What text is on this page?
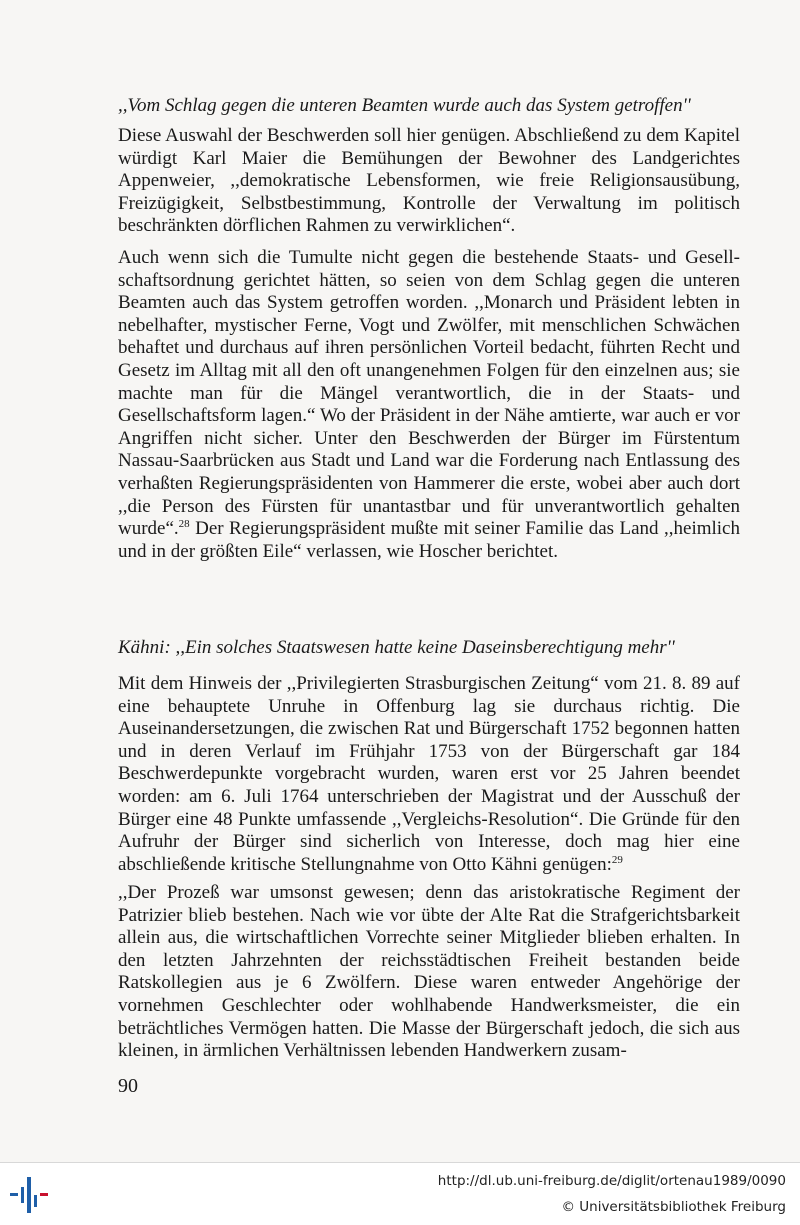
,,Vom Schlag gegen die unteren Beamten wurde auch das System getroffen''

Diese Auswahl der Beschwerden soll hier genügen. Abschließend zu dem Kapitel würdigt Karl Maier die Bemühungen der Bewohner des Landgerichtes Appenweier, ,,demokratische Lebensformen, wie freie Religionsausübung, Freizügigkeit, Selbstbestimmung, Kontrolle der Verwaltung im politisch beschränkten dörflichen Rahmen zu verwirklichen“.

Auch wenn sich die Tumulte nicht gegen die bestehende Staats- und Gesellschaftsordnung gerichtet hätten, so seien von dem Schlag gegen die unteren Beamten auch das System getroffen worden. ,,Monarch und Präsident lebten in nebelhafter, mystischer Ferne, Vogt und Zwölfer, mit menschlichen Schwächen behaftet und durchaus auf ihren persönlichen Vorteil bedacht, führten Recht und Gesetz im Alltag mit all den oft unangenehmen Folgen für den einzelnen aus; sie machte man für die Mängel verantwortlich, die in der Staats- und Gesellschaftsform lagen.“ Wo der Präsident in der Nähe amtierte, war auch er vor Angriffen nicht sicher. Unter den Beschwerden der Bürger im Fürstentum Nassau-Saarbrücken aus Stadt und Land war die Forderung nach Entlassung des verhaßten Regierungspräsidenten von Hammerer die erste, wobei aber auch dort ,,die Person des Fürsten für unantastbar und für unverantwortlich gehalten wurde“.$^{28}$ Der Regierungspräsident mußte mit seiner Familie das Land ,,heimlich und in der größten Eile“ verlassen, wie Hoscher berichtet.

Kähni: ,,Ein solches Staatswesen hatte keine Daseinsberechtigung mehr''

Mit dem Hinweis der ,,Privilegierten Strasburgischen Zeitung“ vom 21. 8. 89 auf eine behauptete Unruhe in Offenburg lag sie durchaus richtig. Die Auseinandersetzungen, die zwischen Rat und Bürgerschaft 1752 begonnen hatten und in deren Verlauf im Frühjahr 1753 von der Bürgerschaft gar 184 Beschwerdepunkte vorgebracht wurden, waren erst vor 25 Jahren beendet worden: am 6. Juli 1764 unterschrieben der Magistrat und der Ausschuß der Bürger eine 48 Punkte umfassende ,,Vergleichs-Resolution“. Die Gründe für den Aufruhr der Bürger sind sicherlich von Interesse, doch mag hier eine abschließende kritische Stellungnahme von Otto Kähni genügen:$^{29}$

,,Der Prozeß war umsonst gewesen; denn das aristokratische Regiment der Patrizier blieb bestehen. Nach wie vor übte der Alte Rat die Strafgerichtsbarkeit allein aus, die wirtschaftlichen Vorrechte seiner Mitglieder blieben erhalten. In den letzten Jahrzehnten der reichsstädtischen Freiheit bestanden beide Ratskollegien aus je 6 Zwölfern. Diese waren entweder Angehörige der vornehmen Geschlechter oder wohlhabende Handwerksmeister, die ein beträchtliches Vermögen hatten. Die Masse der Bürgerschaft jedoch, die sich aus kleinen, in ärmlichen Verhältnissen lebenden Handwerkern zusam-

90
http://dl.ub.uni-freiburg.de/diglit/ortenau1989/0090
© Universitätsbibliothek Freiburg
